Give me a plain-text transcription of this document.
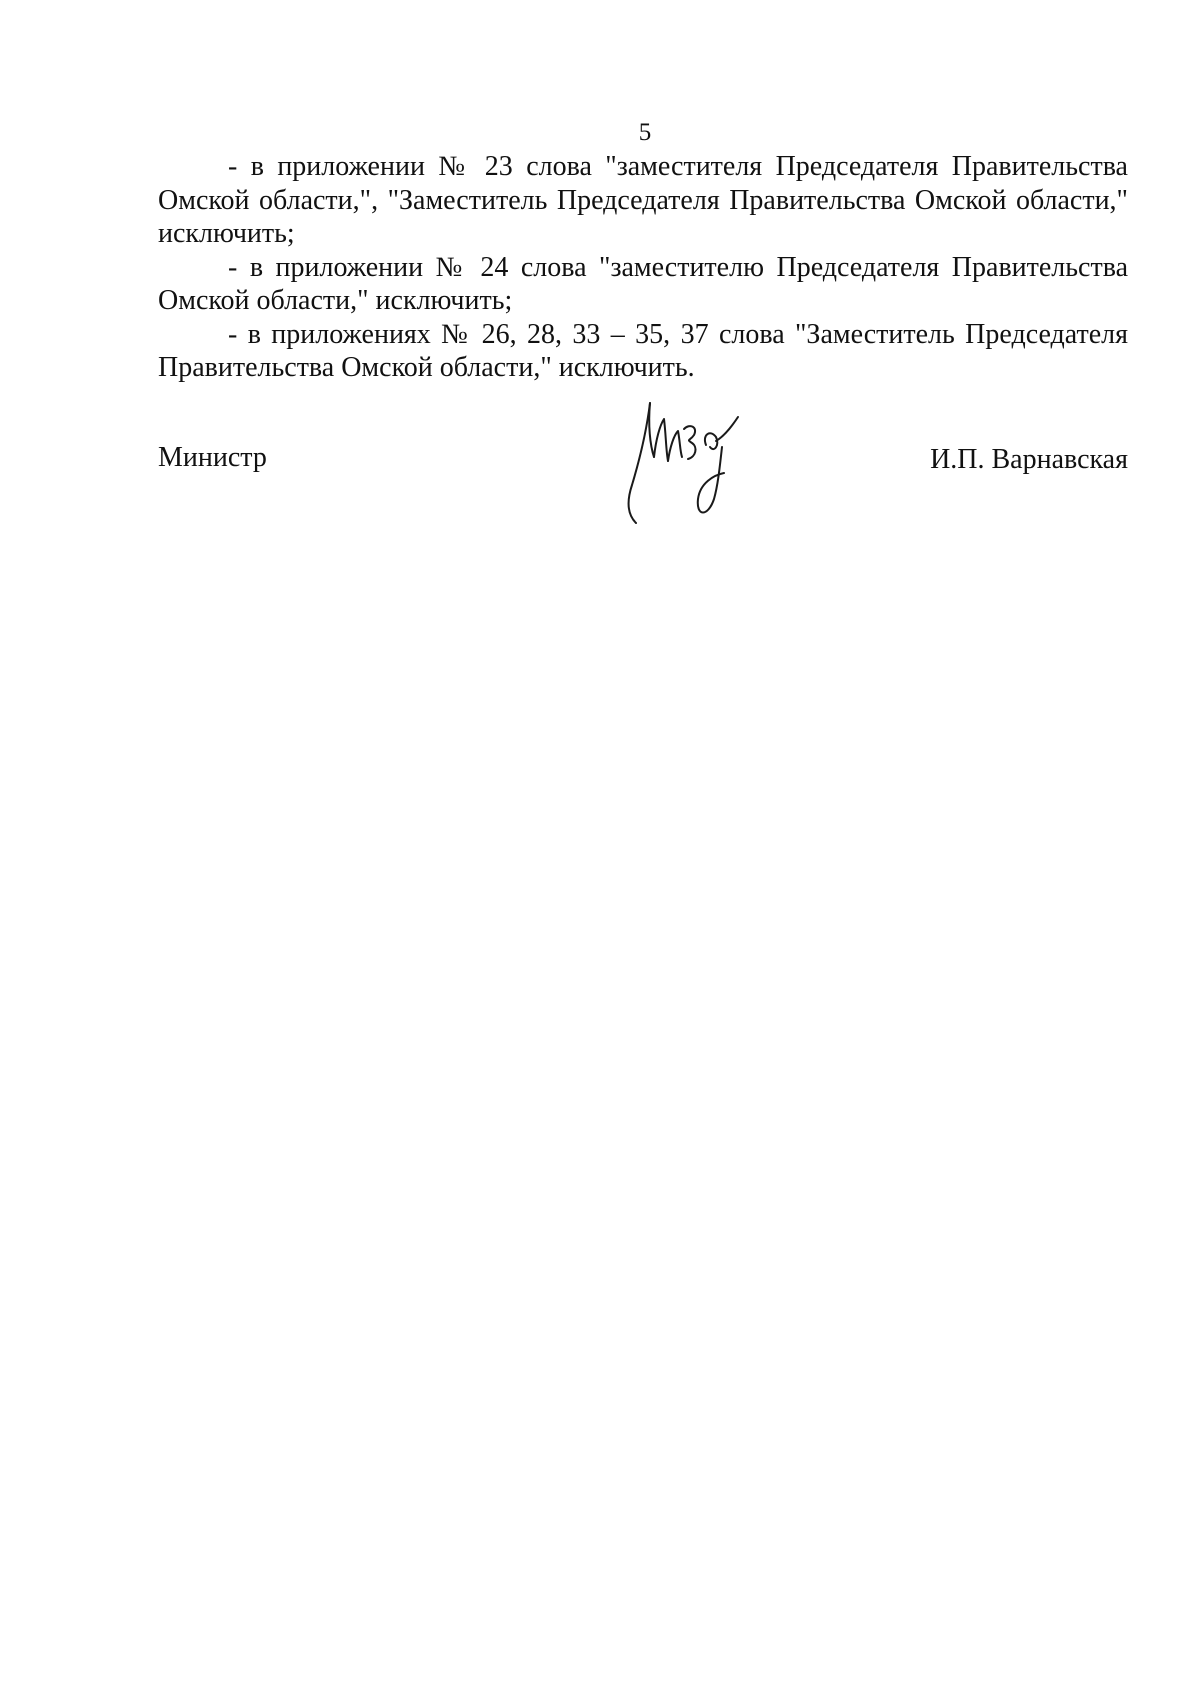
5

- в приложении № 23 слова "заместителя Председателя Правительства Омской области,", "Заместитель Председателя Правительства Омской области," исключить;

- в приложении № 24 слова "заместителю Председателя Правительства Омской области," исключить;

- в приложениях № 26, 28, 33 – 35, 37 слова "Заместитель Председателя Правительства Омской области," исключить.

Министр	И.П. Варнавская
